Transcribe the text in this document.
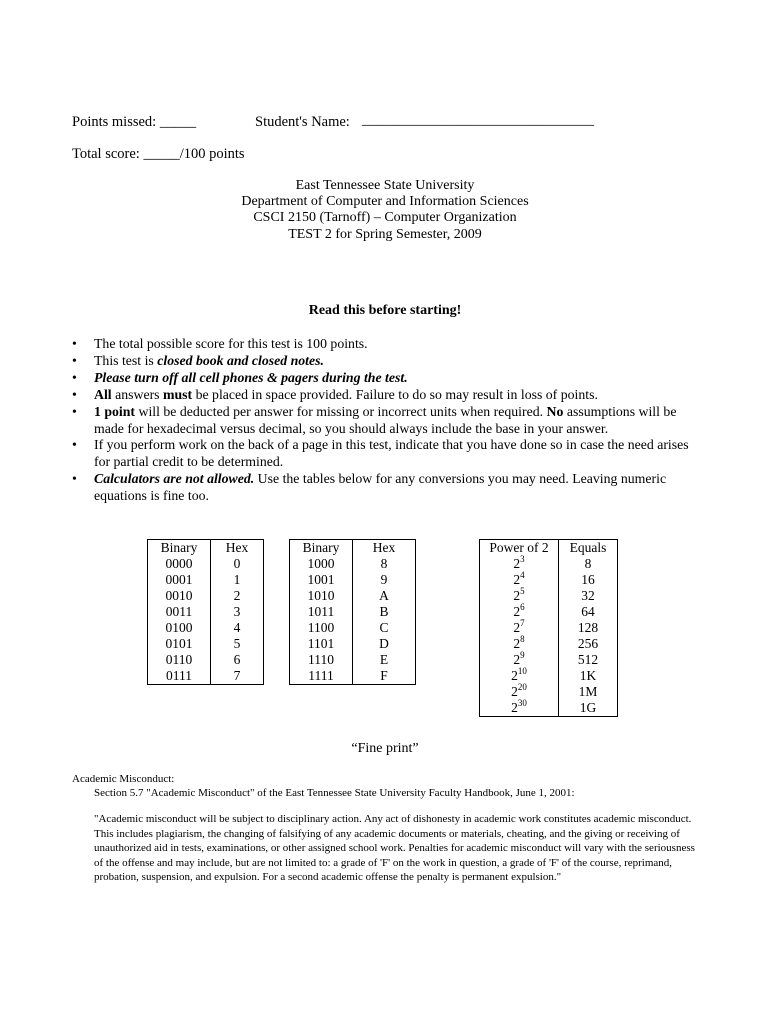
Points missed: _____	Student's Name: ________________________________
Total score: _____/100 points
East Tennessee State University
Department of Computer and Information Sciences
CSCI 2150 (Tarnoff) – Computer Organization
TEST 2 for Spring Semester, 2009
Read this before starting!
• The total possible score for this test is 100 points.
• This test is closed book and closed notes.
• Please turn off all cell phones & pagers during the test.
• All answers must be placed in space provided. Failure to do so may result in loss of points.
• 1 point will be deducted per answer for missing or incorrect units when required. No assumptions will be made for hexadecimal versus decimal, so you should always include the base in your answer.
• If you perform work on the back of a page in this test, indicate that you have done so in case the need arises for partial credit to be determined.
• Calculators are not allowed. Use the tables below for any conversions you may need. Leaving numeric equations is fine too.
Binary	Hex
0000	0
0001	1
0010	2
0011	3
0100	4
0101	5
0110	6
0111	7
Binary	Hex
1000	8
1001	9
1010	A
1011	B
1100	C
1101	D
1110	E
1111	F
Power of 2	Equals
$2^3$	8
$2^4$	16
$2^5$	32
$2^6$	64
$2^7$	128
$2^8$	256
$2^9$	512
$2^{10}$	1K
$2^{20}$	1M
$2^{30}$	1G
“Fine print”
Academic Misconduct:
Section 5.7 "Academic Misconduct" of the East Tennessee State University Faculty Handbook, June 1, 2001:
"Academic misconduct will be subject to disciplinary action. Any act of dishonesty in academic work constitutes academic misconduct. This includes plagiarism, the changing of falsifying of any academic documents or materials, cheating, and the giving or receiving of unauthorized aid in tests, examinations, or other assigned school work. Penalties for academic misconduct will vary with the seriousness of the offense and may include, but are not limited to: a grade of 'F' on the work in question, a grade of 'F' of the course, reprimand, probation, suspension, and expulsion. For a second academic offense the penalty is permanent expulsion."
